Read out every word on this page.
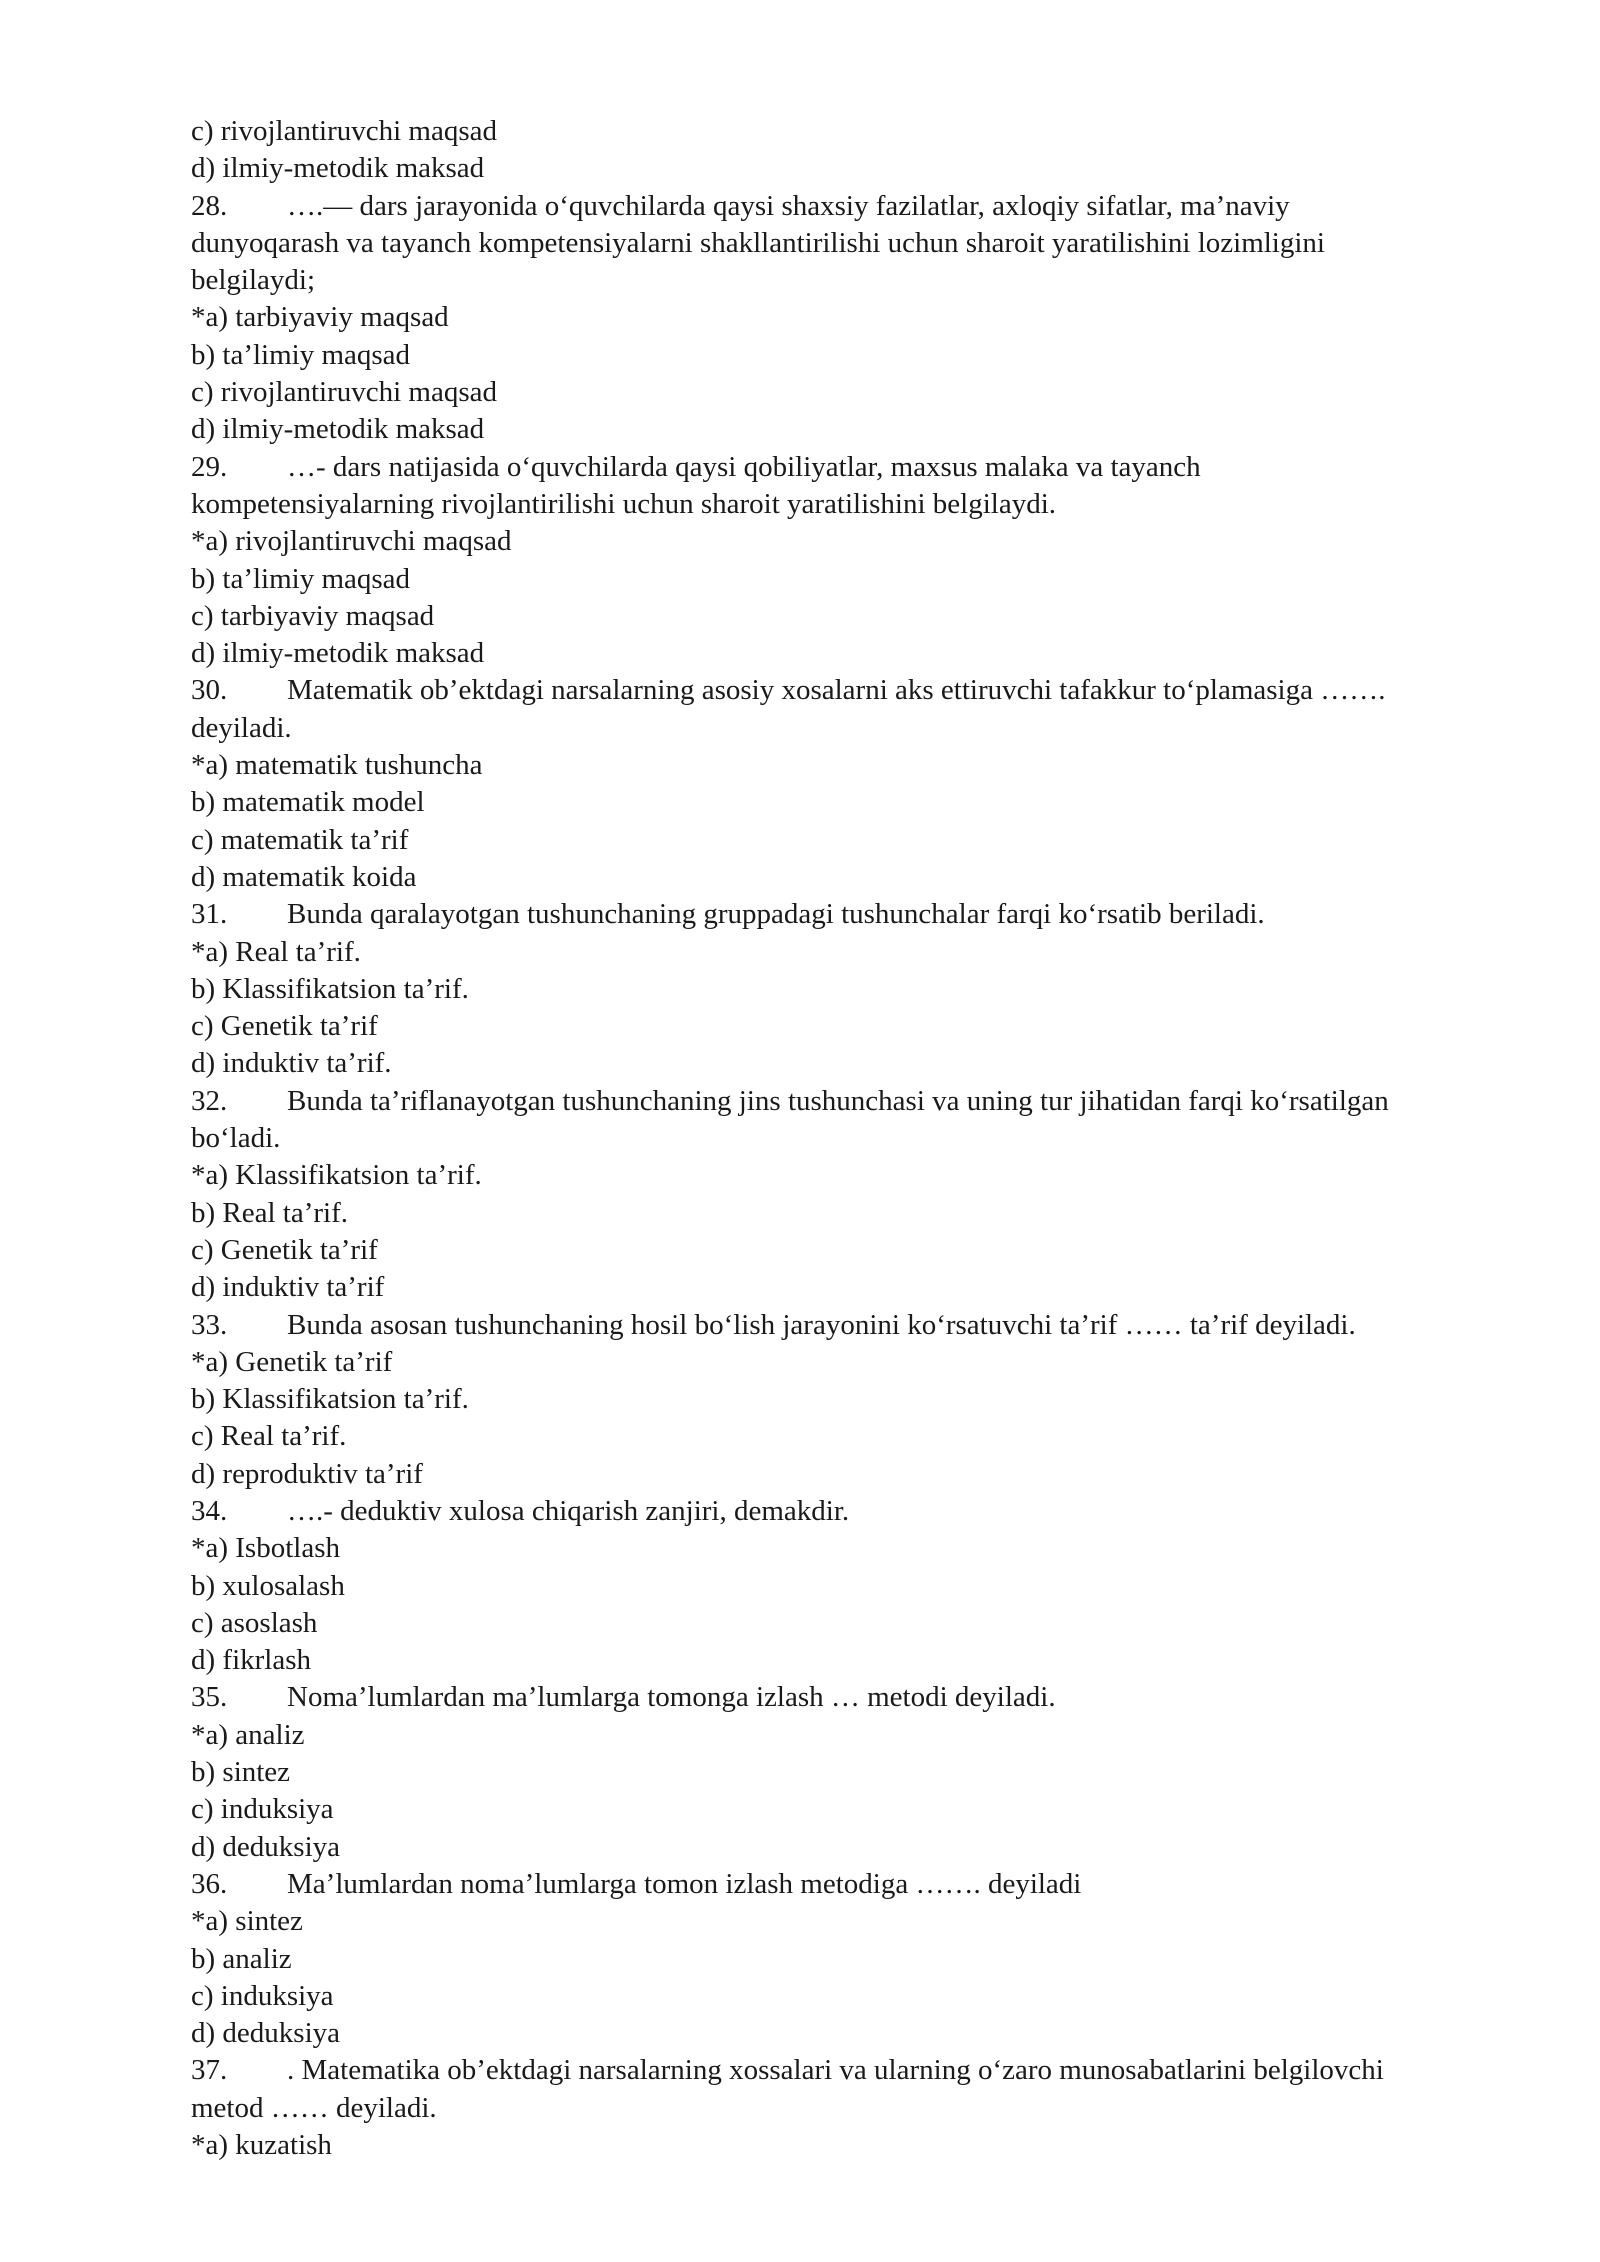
c) rivojlantiruvchi maqsad
d) ilmiy-metodik maksad
28. ….— dars jarayonida o‘quvchilarda qaysi shaxsiy fazilatlar, axloqiy sifatlar, ma’naviy
dunyoqarash va tayanch kompetensiyalarni shakllantirilishi uchun sharoit yaratilishini lozimligini
belgilaydi;
*a) tarbiyaviy maqsad
b) ta’limiy maqsad
c) rivojlantiruvchi maqsad
d) ilmiy-metodik maksad
29. …- dars natijasida o‘quvchilarda qaysi qobiliyatlar, maxsus malaka va tayanch
kompetensiyalarning rivojlantirilishi uchun sharoit yaratilishini belgilaydi.
*a) rivojlantiruvchi maqsad
b) ta’limiy maqsad
c) tarbiyaviy maqsad
d) ilmiy-metodik maksad
30. Matematik ob’ektdagi narsalarning asosiy xosalarni aks ettiruvchi tafakkur to‘plamasiga …….
deyiladi.
*a) matematik tushuncha
b) matematik model
c) matematik ta’rif
d) matematik koida
31. Bunda qaralayotgan tushunchaning gruppadagi tushunchalar farqi ko‘rsatib beriladi.
*a) Real ta’rif.
b) Klassifikatsion ta’rif.
c) Genetik ta’rif
d) induktiv ta’rif.
32. Bunda ta’riflanayotgan tushunchaning jins tushunchasi va uning tur jihatidan farqi ko‘rsatilgan
bo‘ladi.
*a) Klassifikatsion ta’rif.
b) Real ta’rif.
c) Genetik ta’rif
d) induktiv ta’rif
33. Bunda asosan tushunchaning hosil bo‘lish jarayonini ko‘rsatuvchi ta’rif …… ta’rif deyiladi.
*a) Genetik ta’rif
b) Klassifikatsion ta’rif.
c) Real ta’rif.
d) reproduktiv ta’rif
34. ….- deduktiv xulosa chiqarish zanjiri, demakdir.
*a) Isbotlash
b) xulosalash
c) asoslash
d) fikrlash
35. Noma’lumlardan ma’lumlarga tomonga izlash … metodi deyiladi.
*a) analiz
b) sintez
c) induksiya
d) deduksiya
36. Ma’lumlardan noma’lumlarga tomon izlash metodiga ……. deyiladi
*a) sintez
b) analiz
c) induksiya
d) deduksiya
37. . Matematika ob’ektdagi narsalarning xossalari va ularning o‘zaro munosabatlarini belgilovchi
metod …… deyiladi.
*a) kuzatish
